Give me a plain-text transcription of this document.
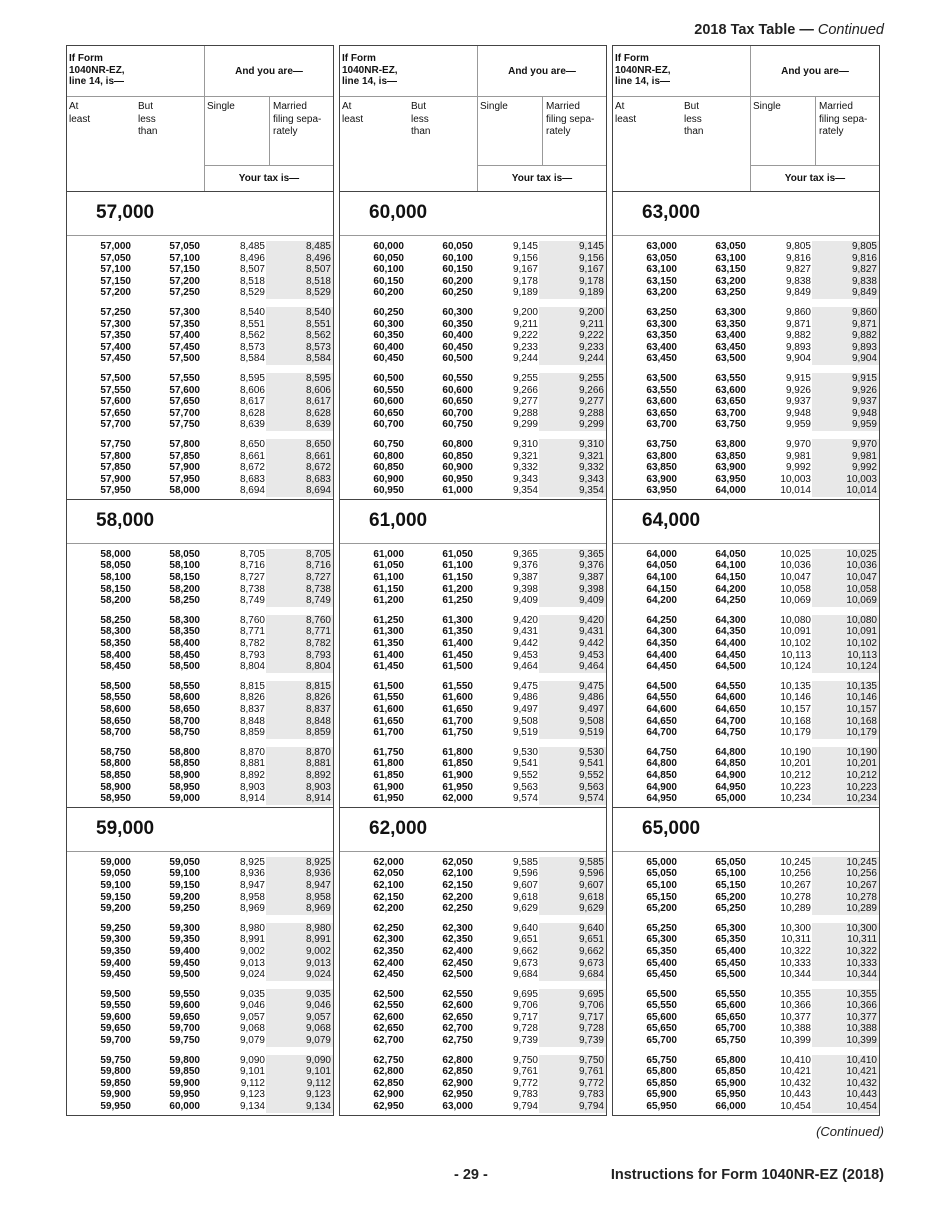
2018 Tax Table — Continued
If Form
1040NR-EZ,
line 14, is—
And you are—
At
least
But
less
than
Single	Married
filing sepa-
rately
Your tax is—
57,000
57,000	57,050	8,485	8,485
57,050	57,100	8,496	8,496
57,100	57,150	8,507	8,507
57,150	57,200	8,518	8,518
57,200	57,250	8,529	8,529
57,250	57,300	8,540	8,540
57,300	57,350	8,551	8,551
57,350	57,400	8,562	8,562
57,400	57,450	8,573	8,573
57,450	57,500	8,584	8,584
57,500	57,550	8,595	8,595
57,550	57,600	8,606	8,606
57,600	57,650	8,617	8,617
57,650	57,700	8,628	8,628
57,700	57,750	8,639	8,639
57,750	57,800	8,650	8,650
57,800	57,850	8,661	8,661
57,850	57,900	8,672	8,672
57,900	57,950	8,683	8,683
57,950	58,000	8,694	8,694
58,000
58,000	58,050	8,705	8,705
58,050	58,100	8,716	8,716
58,100	58,150	8,727	8,727
58,150	58,200	8,738	8,738
58,200	58,250	8,749	8,749
58,250	58,300	8,760	8,760
58,300	58,350	8,771	8,771
58,350	58,400	8,782	8,782
58,400	58,450	8,793	8,793
58,450	58,500	8,804	8,804
58,500	58,550	8,815	8,815
58,550	58,600	8,826	8,826
58,600	58,650	8,837	8,837
58,650	58,700	8,848	8,848
58,700	58,750	8,859	8,859
58,750	58,800	8,870	8,870
58,800	58,850	8,881	8,881
58,850	58,900	8,892	8,892
58,900	58,950	8,903	8,903
58,950	59,000	8,914	8,914
59,000
59,000	59,050	8,925	8,925
59,050	59,100	8,936	8,936
59,100	59,150	8,947	8,947
59,150	59,200	8,958	8,958
59,200	59,250	8,969	8,969
59,250	59,300	8,980	8,980
59,300	59,350	8,991	8,991
59,350	59,400	9,002	9,002
59,400	59,450	9,013	9,013
59,450	59,500	9,024	9,024
59,500	59,550	9,035	9,035
59,550	59,600	9,046	9,046
59,600	59,650	9,057	9,057
59,650	59,700	9,068	9,068
59,700	59,750	9,079	9,079
59,750	59,800	9,090	9,090
59,800	59,850	9,101	9,101
59,850	59,900	9,112	9,112
59,900	59,950	9,123	9,123
59,950	60,000	9,134	9,134
If Form
1040NR-EZ,
line 14, is—
And you are—
At
least
But
less
than
Single	Married
filing sepa-
rately
Your tax is—
60,000
60,000	60,050	9,145	9,145
60,050	60,100	9,156	9,156
60,100	60,150	9,167	9,167
60,150	60,200	9,178	9,178
60,200	60,250	9,189	9,189
60,250	60,300	9,200	9,200
60,300	60,350	9,211	9,211
60,350	60,400	9,222	9,222
60,400	60,450	9,233	9,233
60,450	60,500	9,244	9,244
60,500	60,550	9,255	9,255
60,550	60,600	9,266	9,266
60,600	60,650	9,277	9,277
60,650	60,700	9,288	9,288
60,700	60,750	9,299	9,299
60,750	60,800	9,310	9,310
60,800	60,850	9,321	9,321
60,850	60,900	9,332	9,332
60,900	60,950	9,343	9,343
60,950	61,000	9,354	9,354
61,000
61,000	61,050	9,365	9,365
61,050	61,100	9,376	9,376
61,100	61,150	9,387	9,387
61,150	61,200	9,398	9,398
61,200	61,250	9,409	9,409
61,250	61,300	9,420	9,420
61,300	61,350	9,431	9,431
61,350	61,400	9,442	9,442
61,400	61,450	9,453	9,453
61,450	61,500	9,464	9,464
61,500	61,550	9,475	9,475
61,550	61,600	9,486	9,486
61,600	61,650	9,497	9,497
61,650	61,700	9,508	9,508
61,700	61,750	9,519	9,519
61,750	61,800	9,530	9,530
61,800	61,850	9,541	9,541
61,850	61,900	9,552	9,552
61,900	61,950	9,563	9,563
61,950	62,000	9,574	9,574
62,000
62,000	62,050	9,585	9,585
62,050	62,100	9,596	9,596
62,100	62,150	9,607	9,607
62,150	62,200	9,618	9,618
62,200	62,250	9,629	9,629
62,250	62,300	9,640	9,640
62,300	62,350	9,651	9,651
62,350	62,400	9,662	9,662
62,400	62,450	9,673	9,673
62,450	62,500	9,684	9,684
62,500	62,550	9,695	9,695
62,550	62,600	9,706	9,706
62,600	62,650	9,717	9,717
62,650	62,700	9,728	9,728
62,700	62,750	9,739	9,739
62,750	62,800	9,750	9,750
62,800	62,850	9,761	9,761
62,850	62,900	9,772	9,772
62,900	62,950	9,783	9,783
62,950	63,000	9,794	9,794
If Form
1040NR-EZ,
line 14, is—
And you are—
At
least
But
less
than
Single	Married
filing sepa-
rately
Your tax is—
63,000
63,000	63,050	9,805	9,805
63,050	63,100	9,816	9,816
63,100	63,150	9,827	9,827
63,150	63,200	9,838	9,838
63,200	63,250	9,849	9,849
63,250	63,300	9,860	9,860
63,300	63,350	9,871	9,871
63,350	63,400	9,882	9,882
63,400	63,450	9,893	9,893
63,450	63,500	9,904	9,904
63,500	63,550	9,915	9,915
63,550	63,600	9,926	9,926
63,600	63,650	9,937	9,937
63,650	63,700	9,948	9,948
63,700	63,750	9,959	9,959
63,750	63,800	9,970	9,970
63,800	63,850	9,981	9,981
63,850	63,900	9,992	9,992
63,900	63,950	10,003	10,003
63,950	64,000	10,014	10,014
64,000
64,000	64,050	10,025	10,025
64,050	64,100	10,036	10,036
64,100	64,150	10,047	10,047
64,150	64,200	10,058	10,058
64,200	64,250	10,069	10,069
64,250	64,300	10,080	10,080
64,300	64,350	10,091	10,091
64,350	64,400	10,102	10,102
64,400	64,450	10,113	10,113
64,450	64,500	10,124	10,124
64,500	64,550	10,135	10,135
64,550	64,600	10,146	10,146
64,600	64,650	10,157	10,157
64,650	64,700	10,168	10,168
64,700	64,750	10,179	10,179
64,750	64,800	10,190	10,190
64,800	64,850	10,201	10,201
64,850	64,900	10,212	10,212
64,900	64,950	10,223	10,223
64,950	65,000	10,234	10,234
65,000
65,000	65,050	10,245	10,245
65,050	65,100	10,256	10,256
65,100	65,150	10,267	10,267
65,150	65,200	10,278	10,278
65,200	65,250	10,289	10,289
65,250	65,300	10,300	10,300
65,300	65,350	10,311	10,311
65,350	65,400	10,322	10,322
65,400	65,450	10,333	10,333
65,450	65,500	10,344	10,344
65,500	65,550	10,355	10,355
65,550	65,600	10,366	10,366
65,600	65,650	10,377	10,377
65,650	65,700	10,388	10,388
65,700	65,750	10,399	10,399
65,750	65,800	10,410	10,410
65,800	65,850	10,421	10,421
65,850	65,900	10,432	10,432
65,900	65,950	10,443	10,443
65,950	66,000	10,454	10,454
(Continued)
- 29 -	Instructions for Form 1040NR-EZ (2018)
